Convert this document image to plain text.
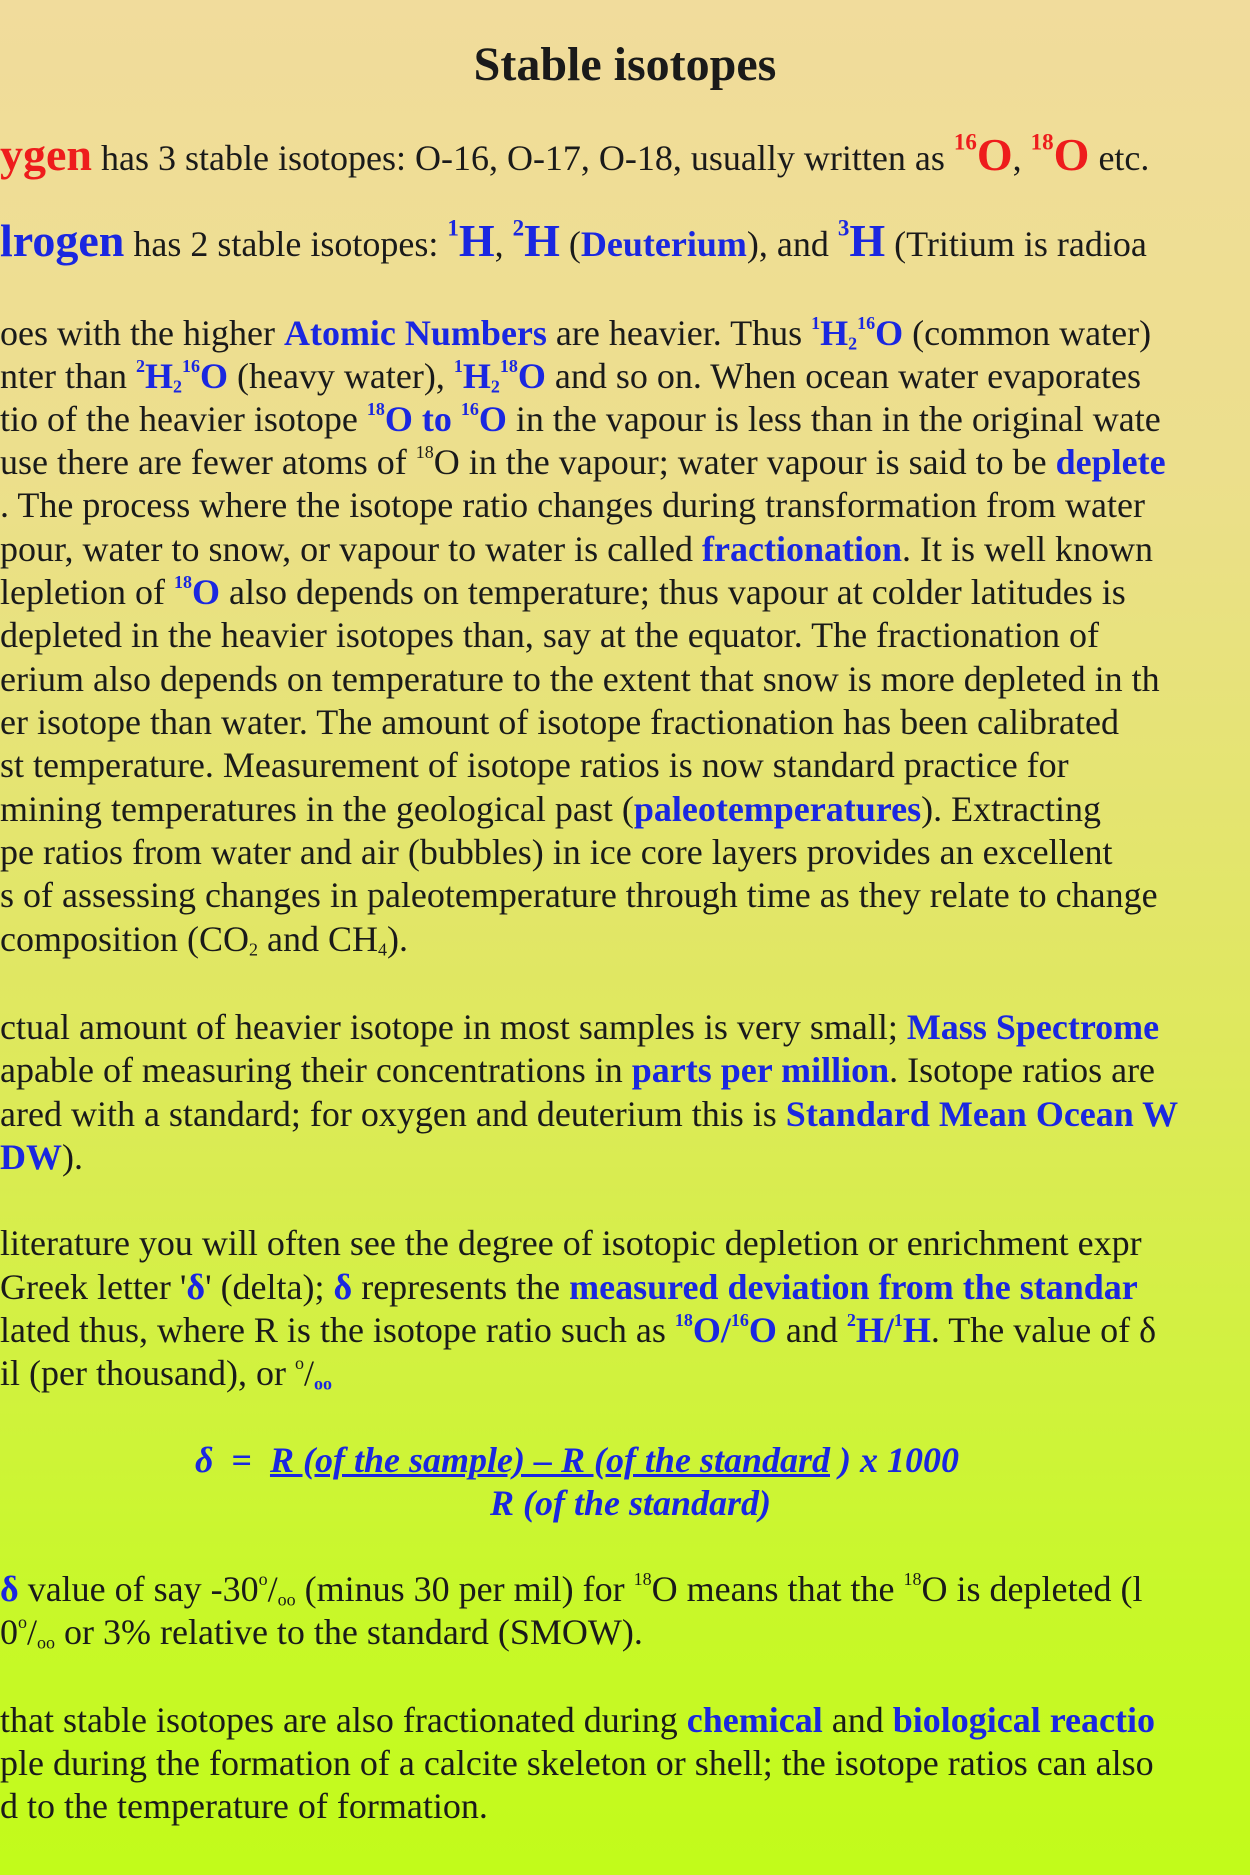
Stable isotopes
ygen has 3 stable isotopes: O-16, O-17, O-18, usually written as $^{16}$O, $^{18}$O etc.
lrogen has 2 stable isotopes: $^1$H, $^2$H (Deuterium), and $^3$H (Tritium is radioa
oes with the higher Atomic Numbers are heavier. Thus $^1H_2^{16}O$ (common water)
nter than $^2H_2^{16}O$ (heavy water), $^1H_2^{18}O$ and so on. When ocean water evaporates
tio of the heavier isotope $^{18}$O to $^{16}$O in the vapour is less than in the original wate
use there are fewer atoms of $^{18}$O in the vapour; water vapour is said to be deplete
. The process where the isotope ratio changes during transformation from water
pour, water to snow, or vapour to water is called fractionation. It is well known
lepletion of $^{18}$O also depends on temperature; thus vapour at colder latitudes is
depleted in the heavier isotopes than, say at the equator. The fractionation of
erium also depends on temperature to the extent that snow is more depleted in th
er isotope than water. The amount of isotope fractionation has been calibrated
st temperature. Measurement of isotope ratios is now standard practice for
mining temperatures in the geological past (paleotemperatures). Extracting
pe ratios from water and air (bubbles) in ice core layers provides an excellent
s of assessing changes in paleotemperature through time as they relate to change
composition ($CO_2$ and $CH_4$).
ctual amount of heavier isotope in most samples is very small; Mass Spectrome
apable of measuring their concentrations in parts per million. Isotope ratios are
ared with a standard; for oxygen and deuterium this is Standard Mean Ocean W
DW).
literature you will often see the degree of isotopic depletion or enrichment expr
Greek letter 'δ' (delta); δ represents the measured deviation from the standar
lated thus, where R is the isotope ratio such as $^{18}$O/$^{16}$O and $^2$H/$^1$H. The value of δ
il (per thousand), or $^o/_{oo}$
δ  =  R (of the sample) – R (of the standard ) x 1000
R (of the standard)
δ value of say $-30^o/_{oo}$ (minus 30 per mil) for $^{18}$O means that the $^{18}$O is depleted (l
$0^o/_{oo}$ or 3% relative to the standard (SMOW).
that stable isotopes are also fractionated during chemical and biological reactio
ple during the formation of a calcite skeleton or shell; the isotope ratios can also
d to the temperature of formation.
